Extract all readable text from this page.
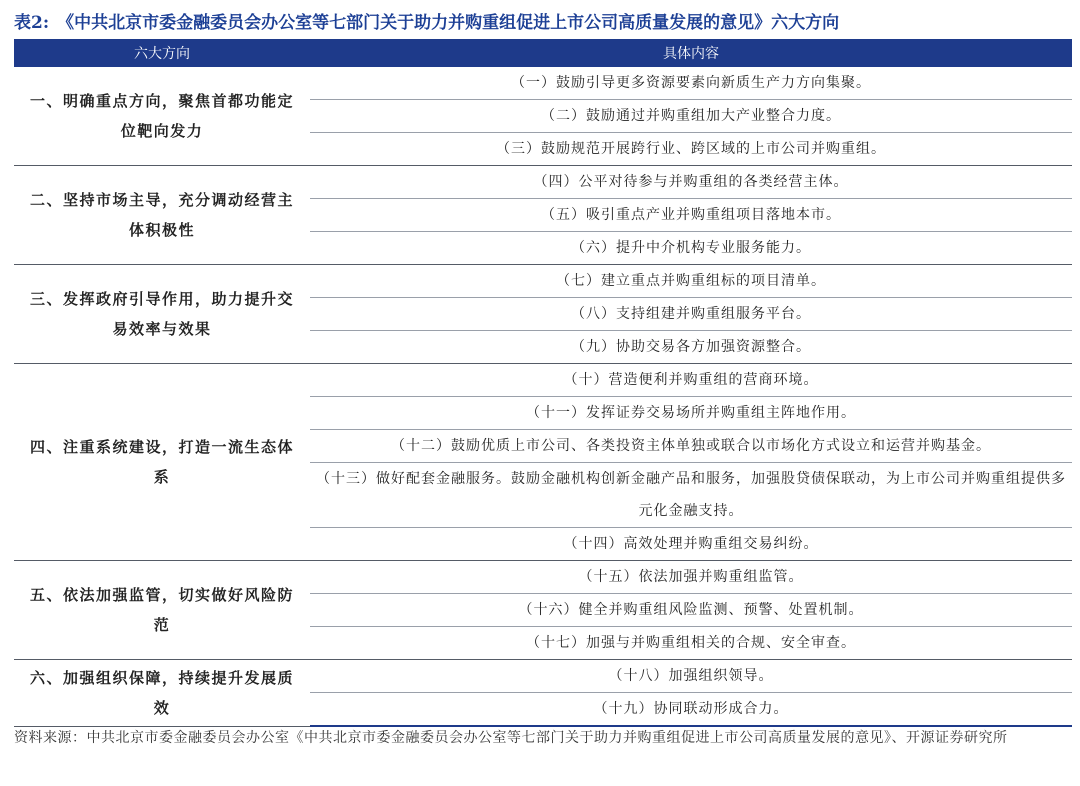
表2: 《中共北京市委金融委员会办公室等七部门关于助力并购重组促进上市公司高质量发展的意见》六大方向
六大方向	具体内容

一、明确重点方向，聚焦首都功能定
位靶向发力	（一）鼓励引导更多资源要素向新质生产力方向集聚。
	（二）鼓励通过并购重组加大产业整合力度。
	（三）鼓励规范开展跨行业、跨区域的上市公司并购重组。

二、坚持市场主导，充分调动经营主
体积极性	（四）公平对待参与并购重组的各类经营主体。
	（五）吸引重点产业并购重组项目落地本市。
	（六）提升中介机构专业服务能力。

三、发挥政府引导作用，助力提升交
易效率与效果	（七）建立重点并购重组标的项目清单。
	（八）支持组建并购重组服务平台。
	（九）协助交易各方加强资源整合。

四、注重系统建设，打造一流生态体
系	（十）营造便利并购重组的营商环境。
	（十一）发挥证券交易场所并购重组主阵地作用。
	（十二）鼓励优质上市公司、各类投资主体单独或联合以市场化方式设立和运营并购基金。
	（十三）做好配套金融服务。鼓励金融机构创新金融产品和服务，加强股贷债保联动，为上市公司并购重组提供多元化金融支持。
	（十四）高效处理并购重组交易纠纷。

五、依法加强监管，切实做好风险防
范	（十五）依法加强并购重组监管。
	（十六）健全并购重组风险监测、预警、处置机制。
	（十七）加强与并购重组相关的合规、安全审查。

六、加强组织保障，持续提升发展质
效	（十八）加强组织领导。
	（十九）协同联动形成合力。
资料来源：中共北京市委金融委员会办公室《中共北京市委金融委员会办公室等七部门关于助力并购重组促进上市公司高质量发展的意见》、开源证券研究所
